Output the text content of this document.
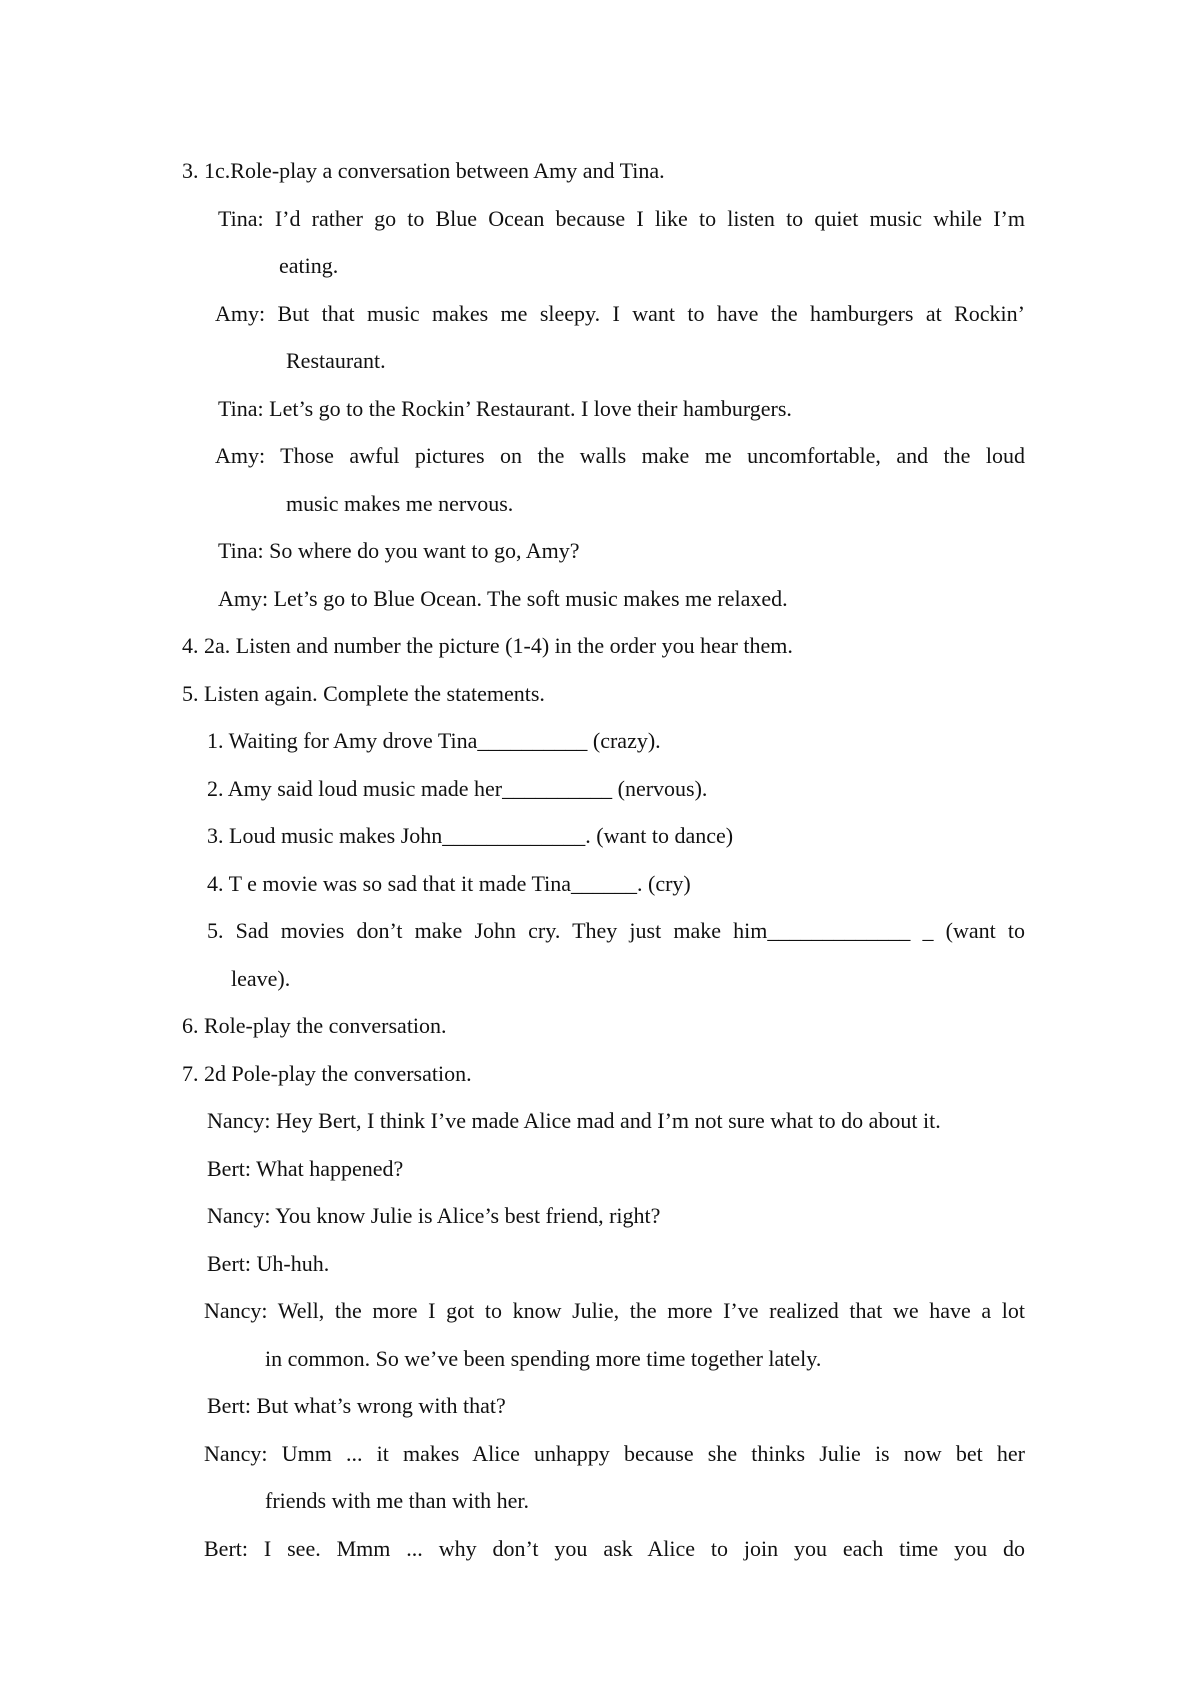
3. 1c.Role-play a conversation between Amy and Tina.
Tina: I’d rather go to Blue Ocean because I like to listen to quiet music while I’m
eating.
Amy: But that music makes me sleepy. I want to have the hamburgers at Rockin’
Restaurant.
Tina: Let’s go to the Rockin’ Restaurant. I love their hamburgers.
Amy: Those awful pictures on the walls make me uncomfortable, and the loud
music makes me nervous.
Tina: So where do you want to go, Amy?
Amy: Let’s go to Blue Ocean. The soft music makes me relaxed.
4. 2a. Listen and number the picture (1-4) in the order you hear them.
5. Listen again. Complete the statements.
1. Waiting for Amy drove Tina__________ (crazy).
2. Amy said loud music made her__________ (nervous).
3. Loud music makes John_____________. (want to dance)
4. T e movie was so sad that it made Tina______. (cry)
5. Sad movies don’t make John cry. They just make him_____________ _ (want to
leave).
6. Role-play the conversation.
7. 2d Pole-play the conversation.
Nancy: Hey Bert, I think I’ve made Alice mad and I’m not sure what to do about it.
Bert: What happened?
Nancy: You know Julie is Alice’s best friend, right?
Bert: Uh-huh.
Nancy: Well, the more I got to know Julie, the more I’ve realized that we have a lot
in common. So we’ve been spending more time together lately.
Bert: But what’s wrong with that?
Nancy: Umm ... it makes Alice unhappy because she thinks Julie is now bet her
friends with me than with her.
Bert: I see. Mmm ... why don’t you ask Alice to join you each time you do
